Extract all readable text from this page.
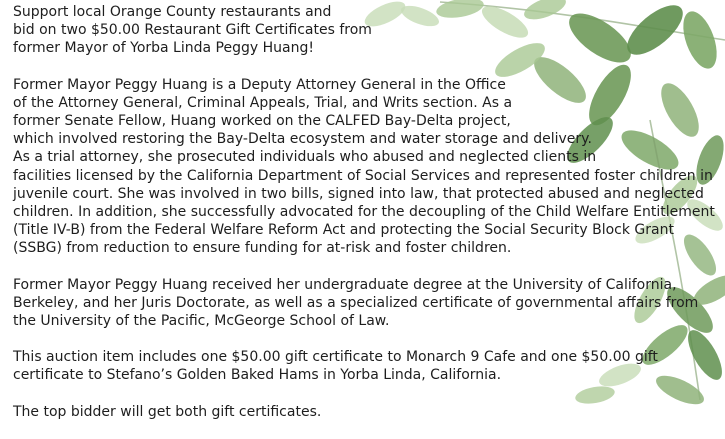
Support local Orange County restaurants and
bid on two $50.00 Restaurant Gift Certificates from
former Mayor of Yorba Linda Peggy Huang!

Former Mayor Peggy Huang is a Deputy Attorney General in the Office
of the Attorney General, Criminal Appeals, Trial, and Writs section. As a
former Senate Fellow, Huang worked on the CALFED Bay-Delta project,
which involved restoring the Bay-Delta ecosystem and water storage and delivery.
As a trial attorney, she prosecuted individuals who abused and neglected clients in
facilities licensed by the California Department of Social Services and represented foster children in
juvenile court. She was involved in two bills, signed into law, that protected abused and neglected
children. In addition, she successfully advocated for the decoupling of the Child Welfare Entitlement
(Title IV-B) from the Federal Welfare Reform Act and protecting the Social Security Block Grant
(SSBG) from reduction to ensure funding for at-risk and foster children.

Former Mayor Peggy Huang received her undergraduate degree at the University of California,
Berkeley, and her Juris Doctorate, as well as a specialized certificate of governmental affairs from
the University of the Pacific, McGeorge School of Law.

This auction item includes one $50.00 gift certificate to Monarch 9 Cafe and one $50.00 gift
certificate to Stefano’s Golden Baked Hams in Yorba Linda, California.

The top bidder will get both gift certificates.
